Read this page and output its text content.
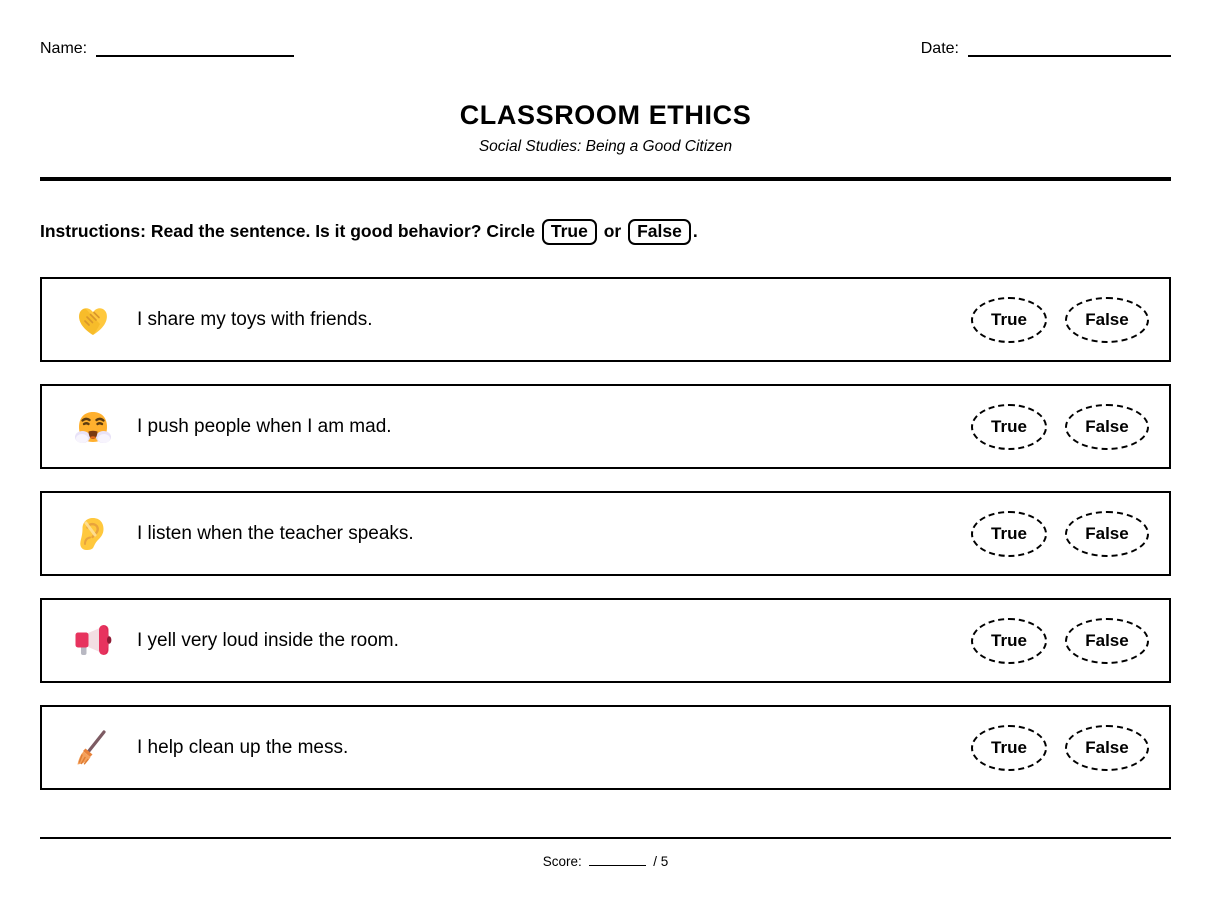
Name:	Date:
CLASSROOM ETHICS
Social Studies: Being a Good Citizen
Instructions: Read the sentence. Is it good behavior? Circle True or False .
I share my toys with friends.	True	False
I push people when I am mad.	True	False
I listen when the teacher speaks.	True	False
I yell very loud inside the room.	True	False
I help clean up the mess.	True	False
Score:	/ 5
